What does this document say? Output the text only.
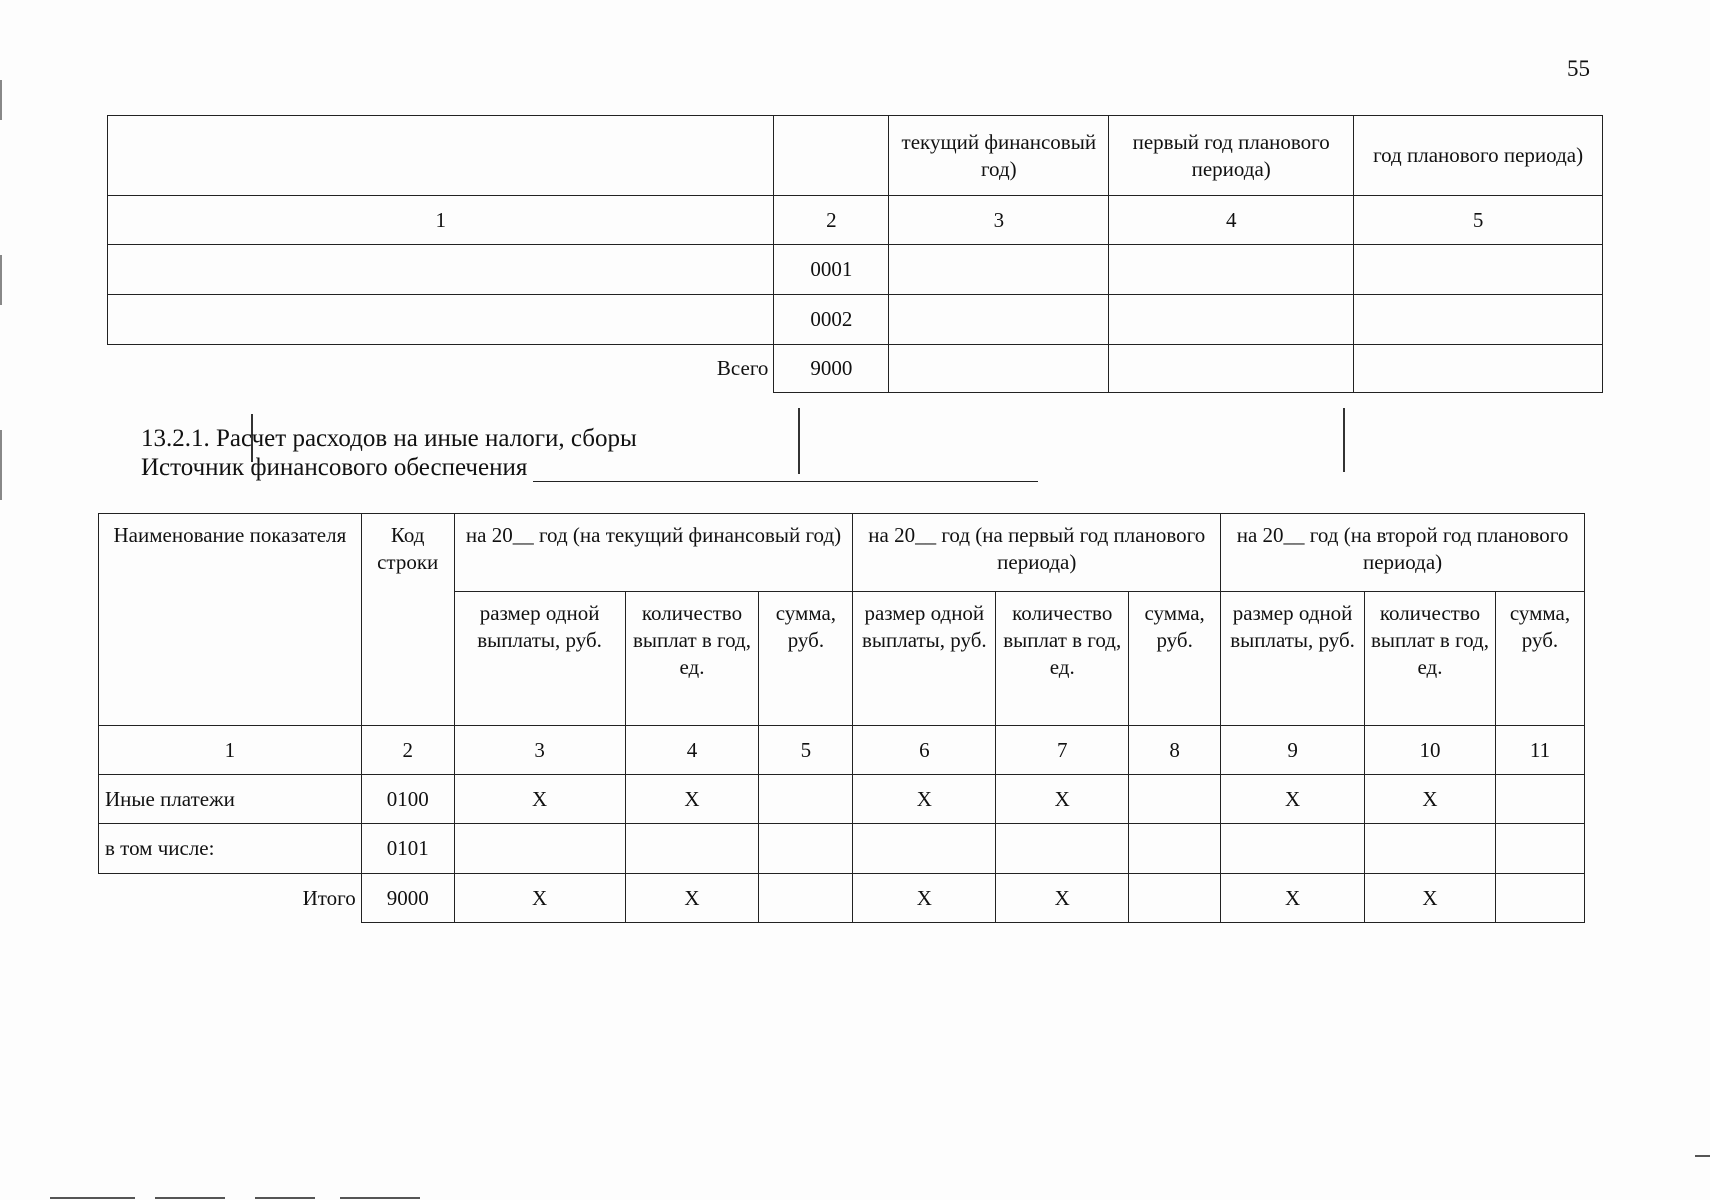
55
		текущий финансовый год)	первый год планового периода)	год планового периода)
1	2	3	4	5
	0001			
	0002			
Всего	9000			
13.2.1. Расчет расходов на иные налоги, сборы
Источник финансового обеспечения
Наименование показателя	Код строки	на 20__ год (на текущий финансовый год)			на 20__ год (на первый год планового периода)			на 20__ год (на второй год планового периода)		
		размер одной выплаты, руб.	количество выплат в год, ед.	сумма, руб.	размер одной выплаты, руб.	количество выплат в год, ед.	сумма, руб.	размер одной выплаты, руб.	количество выплат в год, ед.	сумма, руб.
1	2	3	4	5	6	7	8	9	10	11
Иные платежи	0100	X	X		X	X		X	X	
в том числе:	0101									
Итого	9000	X	X		X	X		X	X	
